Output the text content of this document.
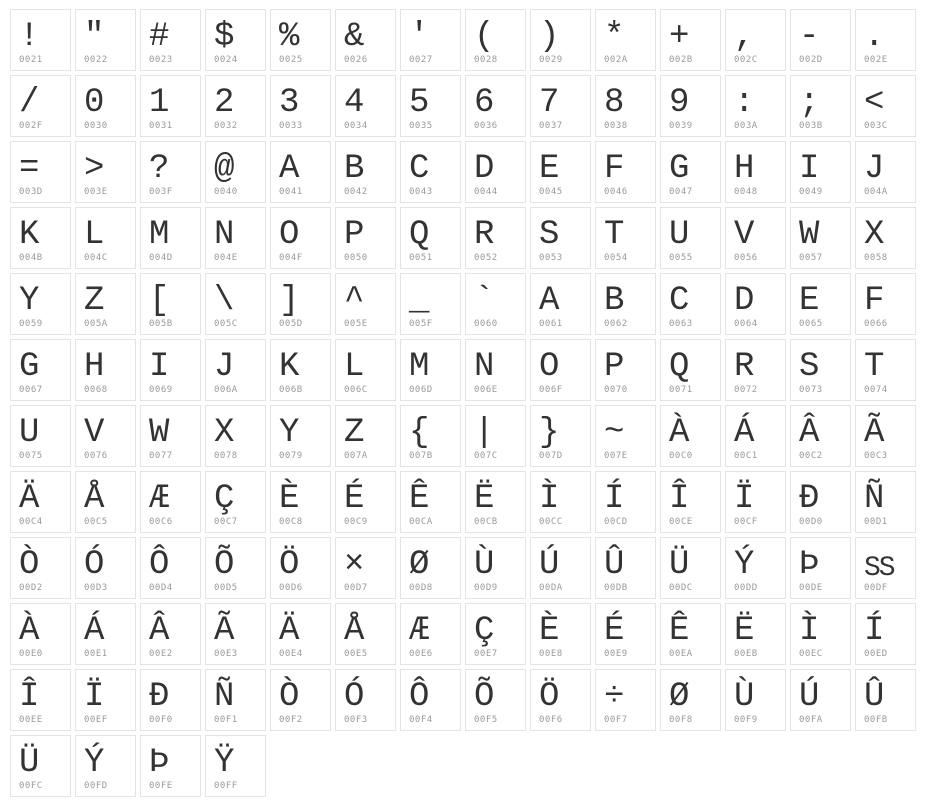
!
0021
"
0022
#
0023
$
0024
%
0025
&
0026
'
0027
(
0028
)
0029
*
002A
+
002B
,
002C
-
002D
.
002E
/
002F
0
0030
1
0031
2
0032
3
0033
4
0034
5
0035
6
0036
7
0037
8
0038
9
0039
:
003A
;
003B
<
003C
=
003D
>
003E
?
003F
@
0040
A
0041
B
0042
C
0043
D
0044
E
0045
F
0046
G
0047
H
0048
I
0049
J
004A
K
004B
L
004C
M
004D
N
004E
O
004F
P
0050
Q
0051
R
0052
S
0053
T
0054
U
0055
V
0056
W
0057
X
0058
Y
0059
Z
005A
[
005B
\
005C
]
005D
^
005E
_
005F
`
0060
A
0061
B
0062
C
0063
D
0064
E
0065
F
0066
G
0067
H
0068
I
0069
J
006A
K
006B
L
006C
M
006D
N
006E
O
006F
P
0070
Q
0071
R
0072
S
0073
T
0074
U
0075
V
0076
W
0077
X
0078
Y
0079
Z
007A
{
007B
|
007C
}
007D
~
007E
À
00C0
Á
00C1
Â
00C2
Ã
00C3
Ä
00C4
Å
00C5
Æ
00C6
Ç
00C7
È
00C8
É
00C9
Ê
00CA
Ë
00CB
Ì
00CC
Í
00CD
Î
00CE
Ï
00CF
Ð
00D0
Ñ
00D1
Ò
00D2
Ó
00D3
Ô
00D4
Õ
00D5
Ö
00D6
×
00D7
Ø
00D8
Ù
00D9
Ú
00DA
Û
00DB
Ü
00DC
Ý
00DD
Þ
00DE
SS
00DF
À
00E0
Á
00E1
Â
00E2
Ã
00E3
Ä
00E4
Å
00E5
Æ
00E6
Ç
00E7
È
00E8
É
00E9
Ê
00EA
Ë
00EB
Ì
00EC
Í
00ED
Î
00EE
Ï
00EF
Ð
00F0
Ñ
00F1
Ò
00F2
Ó
00F3
Ô
00F4
Õ
00F5
Ö
00F6
÷
00F7
Ø
00F8
Ù
00F9
Ú
00FA
Û
00FB
Ü
00FC
Ý
00FD
Þ
00FE
Ÿ
00FF
